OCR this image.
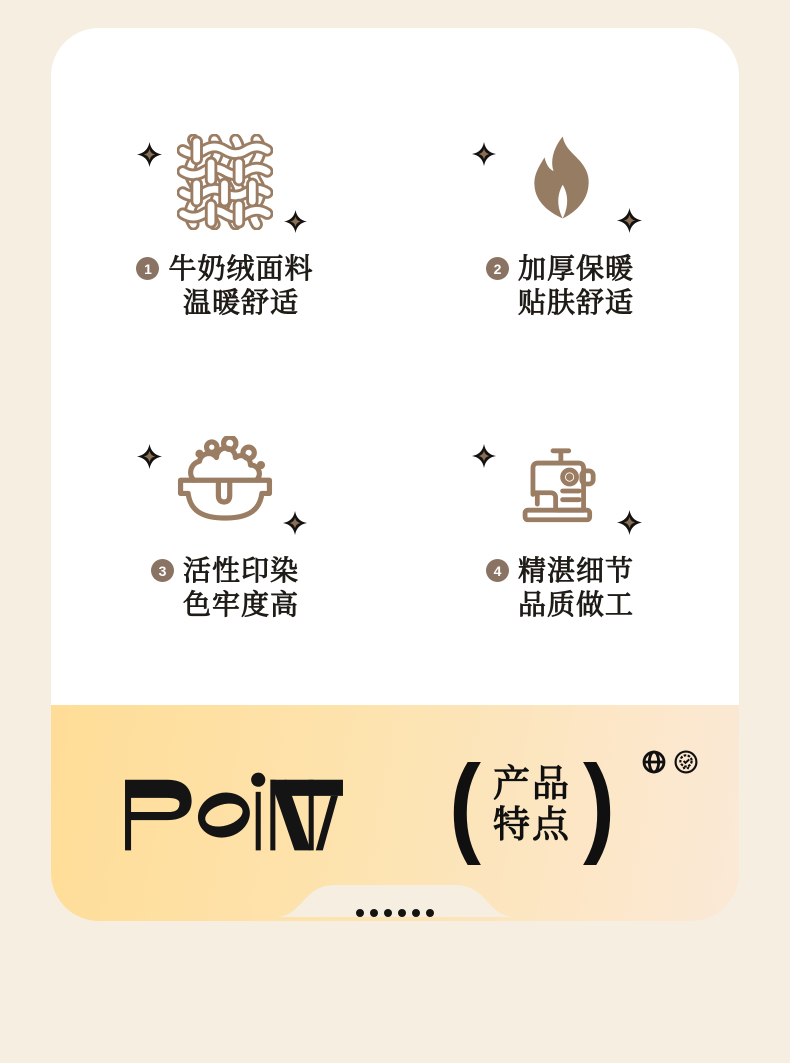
1 牛奶绒面料
温暖舒适
2 加厚保暖
贴肤舒适
3 活性印染
色牢度高
4 精湛细节
品质做工
( 产品
特点 )
